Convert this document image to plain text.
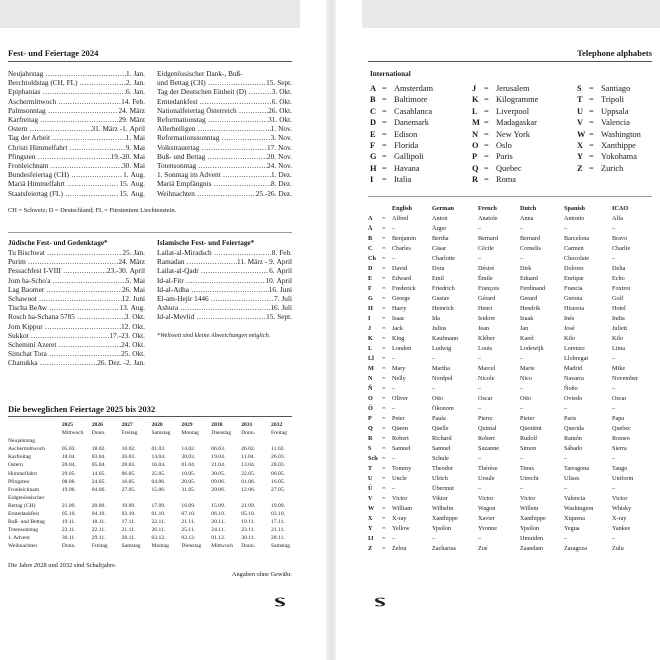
Fest- und Feiertage 2024
Neujahrstag .....	1. Jan.
Berchtoldstag (CH, FL) .....	2. Jan.
Epiphanias .....	6. Jan.
Aschermittwoch .....	14. Feb.
Palmsonntag .....	24. März
Karfreitag .....	29. März
Ostern .....	31. März -1. April
Tag der Arbeit .....	1. Mai
Christi Himmelfahrt .....	9. Mai
Pfingsten .....	19.-20. Mai
Fronleichnam .....	30. Mai
Bundesfeiertag (CH) .....	1. Aug.
Mariä Himmelfahrt .....	15. Aug.
Staatsfeiertag (FL) .....	15. Aug.
Eidgenössischer Dank-, Buß-
und Bettag (CH) .....	15. Sept.
Tag der Deutschen Einheit (D) .....	3. Okt.
Erntedankfest .....	6. Okt.
Nationalfeiertag Österreich .....	26. Okt.
Reformationstag .....	31. Okt.
Allerheiligen .....	1. Nov.
Reformationssonntag .....	3. Nov.
Volkstrauertag .....	17. Nov.
Buß- und Bettag .....	20. Nov.
Totensonntag .....	24. Nov.
1. Sonntag im Advent .....	1. Dez.
Mariä Empfängnis .....	8. Dez.
Weihnachten .....	25.-26. Dez.
CH = Schweiz; D = Deutschland; FL = Fürstentum Liechtenstein.
Jüdische Fest- und Gedenktage*
Tu Bischwat .....	25. Jan.
Purim .....	24. März
Pessachfest I-VIII .....	23.-30. April
Jom ha-Scho'a .....	5. Mai
Lag Baomer .....	26. Mai
Schawuot .....	12. Juni
Tischa BeAw .....	13. Aug.
Rosch ha-Schana 5785 .....	3. Okt.
Jom Kippur .....	12. Okt.
Sukkot .....	17.-23. Okt.
Schemini Azeret .....	24. Okt.
Simchat Tora .....	25. Okt.
Chanukka .....	26. Dez. -2. Jan.
Islamische Fest- und Feiertage*
Lailat-al-Miradsch .....	8. Feb.
Ramadan .....	11. März - 9. April
Lailat-al-Qadr .....	6. April
Id-al-Fitr .....	10. April
Id-al-Adha .....	16. Juni
El-am-Hejir 1446 .....	7. Juli
Ashura .....	16. Juli
Id-al-Mevlid .....	15. Sept.
*Weltweit sind kleine Abweichungen möglich.
Die beweglichen Feiertage 2025 bis 2032
	2025	2026	2027	2028	2029	2030	2031	2032
	Mittwoch	Donn.	Freitag	Samstag	Montag	Dienstag	Donn.	Freitag
Neujahrstag								
Aschermittwoch	05.03.	18.02.	10.02.	01.03.	14.02.	06.03.	26.02.	11.02.
Karfreitag	18.04.	03.04.	26.03.	14.04.	30.03.	19.04.	11.04.	26.03.
Ostern	20.04.	05.04.	28.03.	16.04.	01.04.	21.04.	13.04.	28.03.
Himmelfahrt	29.05.	14.05.	06.05.	25.05.	10.05.	30.05.	22.05.	06.05.
Pfingsten	08.06.	24.05.	16.05.	04.06.	20.05.	09.06.	01.06.	16.05.
Fronleichnam	19.06.	04.06.	27.05.	15.06.	31.05.	20.06.	12.06.	27.05.
Eidgenössischer								
Bettag (CH)	21.09.	20.09.	19.09.	17.09.	16.09.	15.09.	21.09.	19.09.
Erntedankfest	05.10.	04.10.	03.10.	01.10.	07.10.	06.10.	05.10.	03.10.
Buß- und Bettag	19.11.	18.11.	17.11.	22.11.	21.11.	20.11.	19.11.	17.11.
Totensonntag	23.11.	22.11.	21.11.	26.11.	25.11.	24.11.	23.11.	21.11.
1. Advent	30.11.	29.11.	28.11.	03.12.	02.12.	01.12.	30.11.	28.11.
Weihnachten	Donn.	Freitag	Samstag	Montag	Dienstag	Mittwoch	Donn.	Samstag
Die Jahre 2028 und 2032 sind Schaltjahre.
Angaben ohne Gewähr.
Telephone alphabets
International
A = Amsterdam
B = Baltimore
C = Casablanca
D = Danemark
E = Edison
F = Florida
G = Gallipoli
H = Havana
I	= Italia
J = Jerusalem
K = Kilogramme
L = Liverpool
M = Madagaskar
N = New York
O = Oslo
P = Paris
Q = Quebec
R = Roma
S = Santiago
T = Tripoli
U = Uppsala
V = Valencia
W = Washington
X = Xanthippe
Y = Yokohama
Z = Zurich
		English	German	French	Dutch	Spanish	ICAO
A	=	Alfred	Anton	Anatole	Anna	Antonio	Alfa
Ä	=	–	Ärger	–	–	–	–
B	=	Benjamin	Bertha	Bernard	Bernard	Barcelona	Bravo
C	=	Charles	Cäsar	Cécile	Cornelis	Carmen	Charlie
Ch	=	–	Charlotte	–	–	Chocolate	–
D	=	David	Dora	Désiré	Dirk	Dolores	Delta
E	=	Edward	Emil	Émile	Eduard	Enrique	Echo
F	=	Frederick	Friedrich	François	Ferdinand	Francia	Foxtrot
G	=	George	Gustav	Gérard	Gerard	Gerona	Golf
H	=	Harry	Heinrich	Henri	Hendrik	Historia	Hotel
I	=	Isaac	Ida	Isidore	Izaak	Inés	India
J	=	Jack	Julius	Jean	Jan	José	Juliett
K	=	King	Kaufmann	Kléber	Karel	Kilo	Kilo
L	=	London	Ludwig	Louis	Lodewijk	Lorenzo	Lima
Ll	=	–	–	–	–	Llobregat	–
M	=	Mary	Martha	Marcel	Marie	Madrid	Mike
N	=	Nelly	Nordpol	Nicole	Nico	Navarra	November
Ñ	=	–	–	–	–	Ñoño	–
O	=	Oliver	Otto	Oscar	Otto	Oviedo	Oscar
Ö	=	–	Ökonom	–	–	–	–
P	=	Peter	Paula	Pierre	Pieter	Paris	Papa
Q	=	Queen	Quelle	Quintal	Quotiënt	Querida	Quebec
R	=	Robert	Richard	Robert	Rudolf	Ramón	Romeo
S	=	Samuel	Samuel	Suzanne	Simon	Sábado	Sierra
Sch	=	–	Schule	–	–	–	–
T	=	Tommy	Theodor	Thérèse	Tinus	Tarragona	Tango
U	=	Uncle	Ulrich	Ursule	Utrecht	Ulises	Uniform
Ü	=	–	Übermut	–	–	–	–
V	=	Victor	Viktor	Victor	Victor	Valencia	Victor
W	=	William	Wilhelm	Wagon	Willem	Washington	Whisky
X	=	X-ray	Xanthippe	Xavier	Xanthippe	Xiquena	X-ray
Y	=	Yellow	Ypsilon	Yvonne	Ypsilon	Yegua	Yankee
IJ	=	–	–	–	IJmuiden	–	–
Z	=	Zebra	Zacharias	Zoé	Zaandam	Zaragoza	Zulu
